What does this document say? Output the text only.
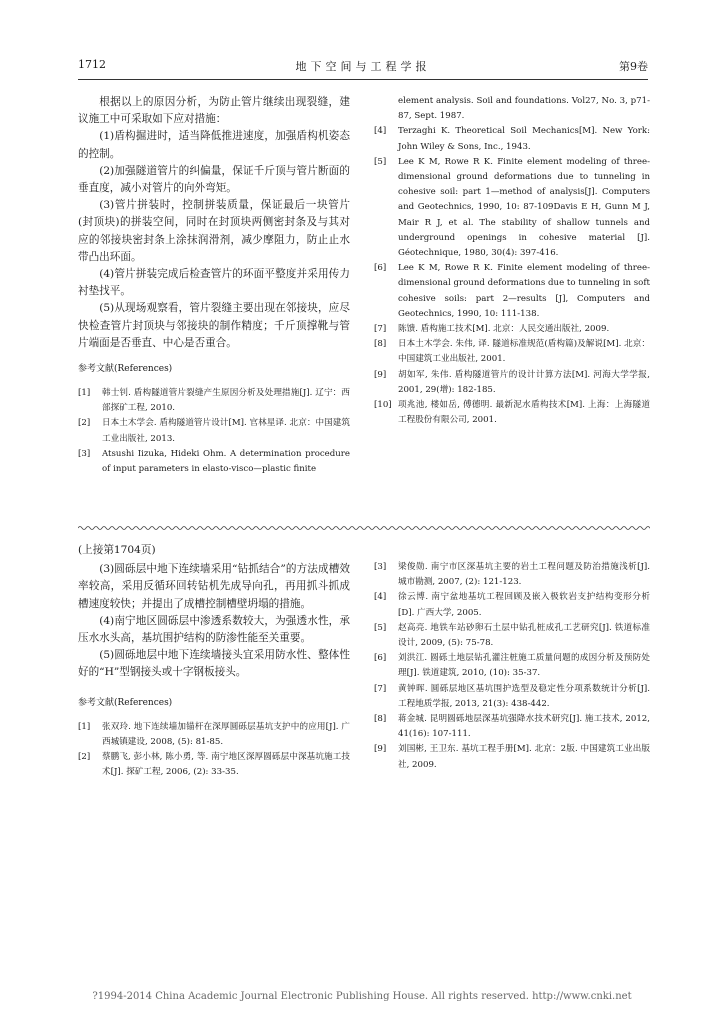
1712	地下空间与工程学报	第9卷

根据以上的原因分析，为防止管片继续出现裂缝，建议施工中可采取如下应对措施：

(1)盾构掘进时，适当降低推进速度，加强盾构机姿态的控制。

(2)加强隧道管片的纠偏量，保证千斤顶与管片断面的垂直度，减小对管片的向外弯矩。

(3)管片拼装时，控制拼装质量，保证最后一块管片(封顶块)的拼装空间，同时在封顶块两侧密封条及与其对应的邻接块密封条上涂抹润滑剂，减少摩阻力，防止止水带凸出环面。

(4)管片拼装完成后检查管片的环面平整度并采用传力衬垫找平。

(5)从现场观察看，管片裂缝主要出现在邻接块，应尽快检查管片封顶块与邻接块的制作精度；千斤顶撑靴与管片端面是否垂直、中心是否重合。

参考文献(References)
[1]	韩士钊. 盾构隧道管片裂缝产生原因分析及处理措施[J]. 辽宁：西部探矿工程, 2010.
[2]	日本土木学会. 盾构隧道管片设计[M]. 官林星译. 北京：中国建筑工业出版社, 2013.
[3]	Atsushi Iizuka, Hideki Ohm. A determination procedure of input parameters in elasto-visco—plastic finite
element analysis. Soil and foundations. Vol27, No. 3, p71-87, Sept. 1987.
[4]	Terzaghi K. Theoretical Soil Mechanics[M]. New York: John Wiley & Sons, Inc., 1943.
[5]	Lee K M, Rowe R K. Finite element modeling of three-dimensional ground deformations due to tunneling in cohesive soil: part 1—method of analysis[J]. Computers and Geotechnics, 1990, 10: 87-109Davis E H, Gunn M J, Mair R J, et al. The stability of shallow tunnels and underground openings in cohesive material [J]. Géotechnique, 1980, 30(4): 397-416.
[6]	Lee K M, Rowe R K. Finite element modeling of three-dimensional ground deformations due to tunneling in soft cohesive soils: part 2—results [J], Computers and Geotechnics, 1990, 10: 111-138.
[7]	陈馈. 盾构施工技术[M]. 北京：人民交通出版社, 2009.
[8]	日本土木学会. 朱伟, 译. 隧道标准规范(盾构篇)及解说[M]. 北京：中国建筑工业出版社, 2001.
[9]	胡如军, 朱伟. 盾构隧道管片的设计计算方法[M]. 河海大学学报, 2001, 29(增): 182-185.
[10] 项兆池, 楼如岳, 傅德明. 最新泥水盾构技术[M]. 上海：上海隧道工程股份有限公司, 2001.
(上接第1704页)

(3)圆砾层中地下连续墙采用“钻抓结合”的方法成槽效率较高，采用反循环回转钻机先成导向孔，再用抓斗抓成槽速度较快；并提出了成槽控制槽壁坍塌的措施。

(4)南宁地区圆砾层中渗透系数较大，为强透水性，承压水水头高，基坑围护结构的防渗性能至关重要。

(5)圆砾地层中地下连续墙接头宜采用防水性、整体性好的“H”型钢接头或十字钢板接头。

参考文献(References)
[1]	张双玲. 地下连续墙加锚杆在深厚圆砾层基坑支护中的应用[J]. 广西城镇建设, 2008, (5): 81-85.
[2]	蔡鹏飞, 彭小林, 陈小勇, 等. 南宁地区深厚圆砾层中深基坑施工技术[J]. 探矿工程, 2006, (2): 33-35.
[3]	梁俊勋. 南宁市区深基坑主要的岩土工程问题及防治措施浅析[J]. 城市勘测, 2007, (2): 121-123.
[4]	徐云博. 南宁盆地基坑工程回顾及嵌入极软岩支护结构变形分析[D]. 广西大学, 2005.
[5]	赵高亮. 地铁车站砂卵石土层中钻孔桩成孔工艺研究[J]. 铁道标准设计, 2009, (5): 75-78.
[6]	刘洪江. 圆砾土地层钻孔灌注桩施工质量问题的成因分析及预防处理[J]. 铁道建筑, 2010, (10): 35-37.
[7]	黄钟晖. 圆砾层地区基坑围护选型及稳定性分项系数统计分析[J]. 工程地质学报, 2013, 21(3): 438-442.
[8]	蒋金城. 昆明圆砾地层深基坑强降水技术研究[J]. 施工技术, 2012, 41(16): 107-111.
[9]	刘国彬, 王卫东. 基坑工程手册[M]. 北京：2版. 中国建筑工业出版社, 2009.
?1994-2014 China Academic Journal Electronic Publishing House. All rights reserved. http://www.cnki.net
